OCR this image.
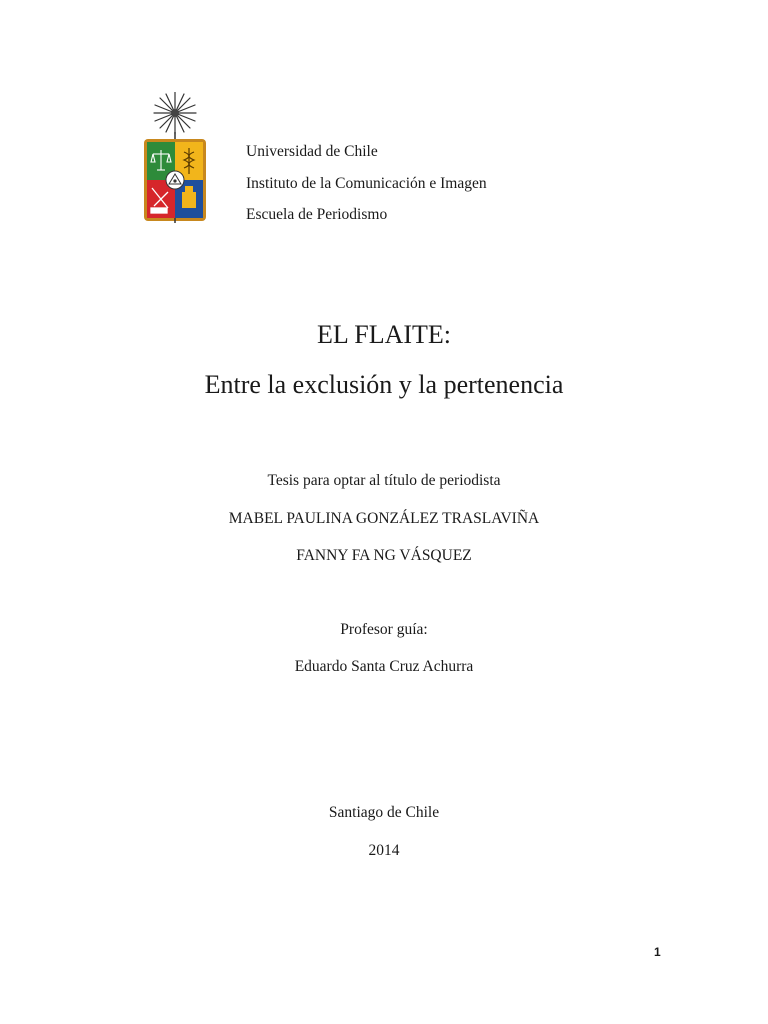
Universidad de Chile
Instituto de la Comunicación e Imagen
Escuela de Periodismo
EL FLAITE:
Entre la exclusión y la pertenencia
Tesis para optar al título de periodista
MABEL PAULINA GONZÁLEZ TRASLAVIÑA
FANNY FA NG VÁSQUEZ
Profesor guía:
Eduardo Santa Cruz Achurra
Santiago de Chile
2014
1
